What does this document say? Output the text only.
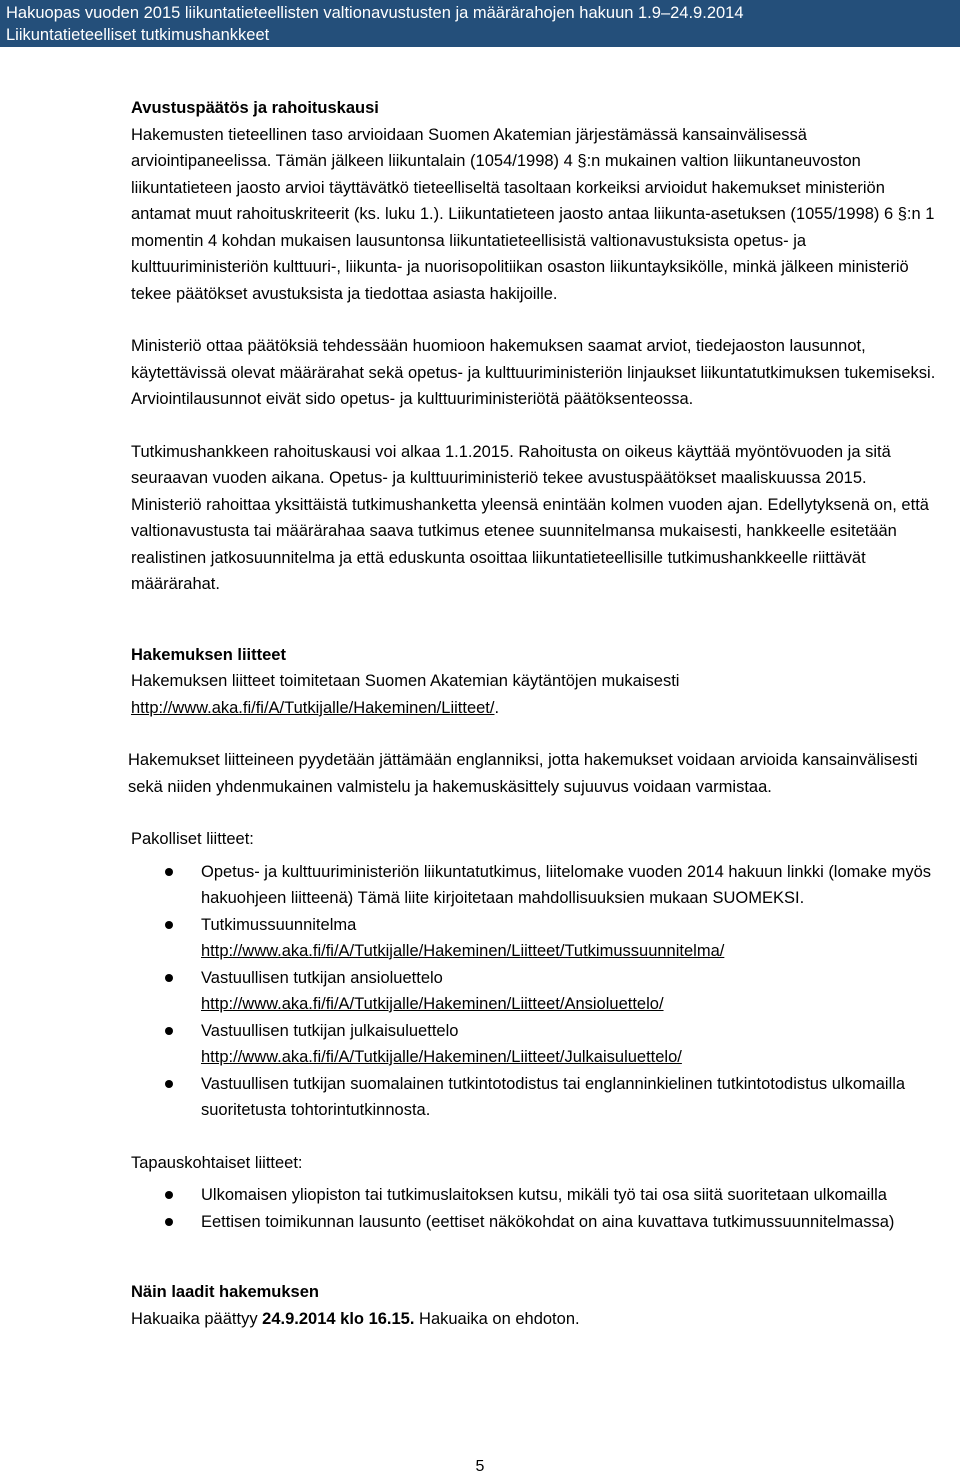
Hakuopas vuoden 2015 liikuntatieteellisten valtionavustusten ja määrärahojen hakuun 1.9–24.9.2014
Liikuntatieteelliset tutkimushankkeet

Avustuspäätös ja rahoituskausi

Hakemusten tieteellinen taso arvioidaan Suomen Akatemian järjestämässä kansainvälisessä arviointipaneelissa. Tämän jälkeen liikuntalain (1054/1998) 4 §:n mukainen valtion liikuntaneuvoston liikuntatieteen jaosto arvioi täyttävätkö tieteelliseltä tasoltaan korkeiksi arvioidut hakemukset ministeriön antamat muut rahoituskriteerit (ks. luku 1.). Liikuntatieteen jaosto antaa liikunta-asetuksen (1055/1998) 6 §:n 1 momentin 4 kohdan mukaisen lausuntonsa liikuntatieteellisistä valtionavustuksista opetus- ja kulttuuriministeriön kulttuuri-, liikunta- ja nuorisopolitiikan osaston liikuntayksikölle, minkä jälkeen ministeriö tekee päätökset avustuksista ja tiedottaa asiasta hakijoille.

Ministeriö ottaa päätöksiä tehdessään huomioon hakemuksen saamat arviot, tiedejaoston lausunnot, käytettävissä olevat määrärahat sekä opetus- ja kulttuuriministeriön linjaukset liikuntatutkimuksen tukemiseksi. Arviointilausunnot eivät sido opetus- ja kulttuuriministeriötä päätöksenteossa.

Tutkimushankkeen rahoituskausi voi alkaa 1.1.2015. Rahoitusta on oikeus käyttää myöntövuoden ja sitä seuraavan vuoden aikana. Opetus- ja kulttuuriministeriö tekee avustuspäätökset maaliskuussa 2015. Ministeriö rahoittaa yksittäistä tutkimushanketta yleensä enintään kolmen vuoden ajan. Edellytyksenä on, että valtionavustusta tai määrärahaa saava tutkimus etenee suunnitelmansa mukaisesti, hankkeelle esitetään realistinen jatkosuunnitelma ja että eduskunta osoittaa liikuntatieteellisille tutkimushankkeelle riittävät määrärahat.

Hakemuksen liitteet

Hakemuksen liitteet toimitetaan Suomen Akatemian käytäntöjen mukaisesti
http://www.aka.fi/fi/A/Tutkijalle/Hakeminen/Liitteet/.

Hakemukset liitteineen pyydetään jättämään englanniksi, jotta hakemukset voidaan arvioida kansainvälisesti sekä niiden yhdenmukainen valmistelu ja hakemuskäsittely sujuuvus voidaan varmistaa.

Pakolliset liitteet:

Opetus- ja kulttuuriministeriön liikuntatutkimus, liitelomake vuoden 2014 hakuun linkki (lomake myös hakuohjeen liitteenä) Tämä liite kirjoitetaan mahdollisuuksien mukaan SUOMEKSI.
Tutkimussuunnitelma
http://www.aka.fi/fi/A/Tutkijalle/Hakeminen/Liitteet/Tutkimussuunnitelma/
Vastuullisen tutkijan ansioluettelo
http://www.aka.fi/fi/A/Tutkijalle/Hakeminen/Liitteet/Ansioluettelo/
Vastuullisen tutkijan julkaisuluettelo
http://www.aka.fi/fi/A/Tutkijalle/Hakeminen/Liitteet/Julkaisuluettelo/
Vastuullisen tutkijan suomalainen tutkintotodistus tai englanninkielinen tutkintotodistus ulkomailla suoritetusta tohtorintutkinnosta.

Tapauskohtaiset liitteet:

Ulkomaisen yliopiston tai tutkimuslaitoksen kutsu, mikäli työ tai osa siitä suoritetaan ulkomailla
Eettisen toimikunnan lausunto (eettiset näkökohdat on aina kuvattava tutkimussuunnitelmassa)

Näin laadit hakemuksen

Hakuaika päättyy 24.9.2014 klo 16.15. Hakuaika on ehdoton.

5
